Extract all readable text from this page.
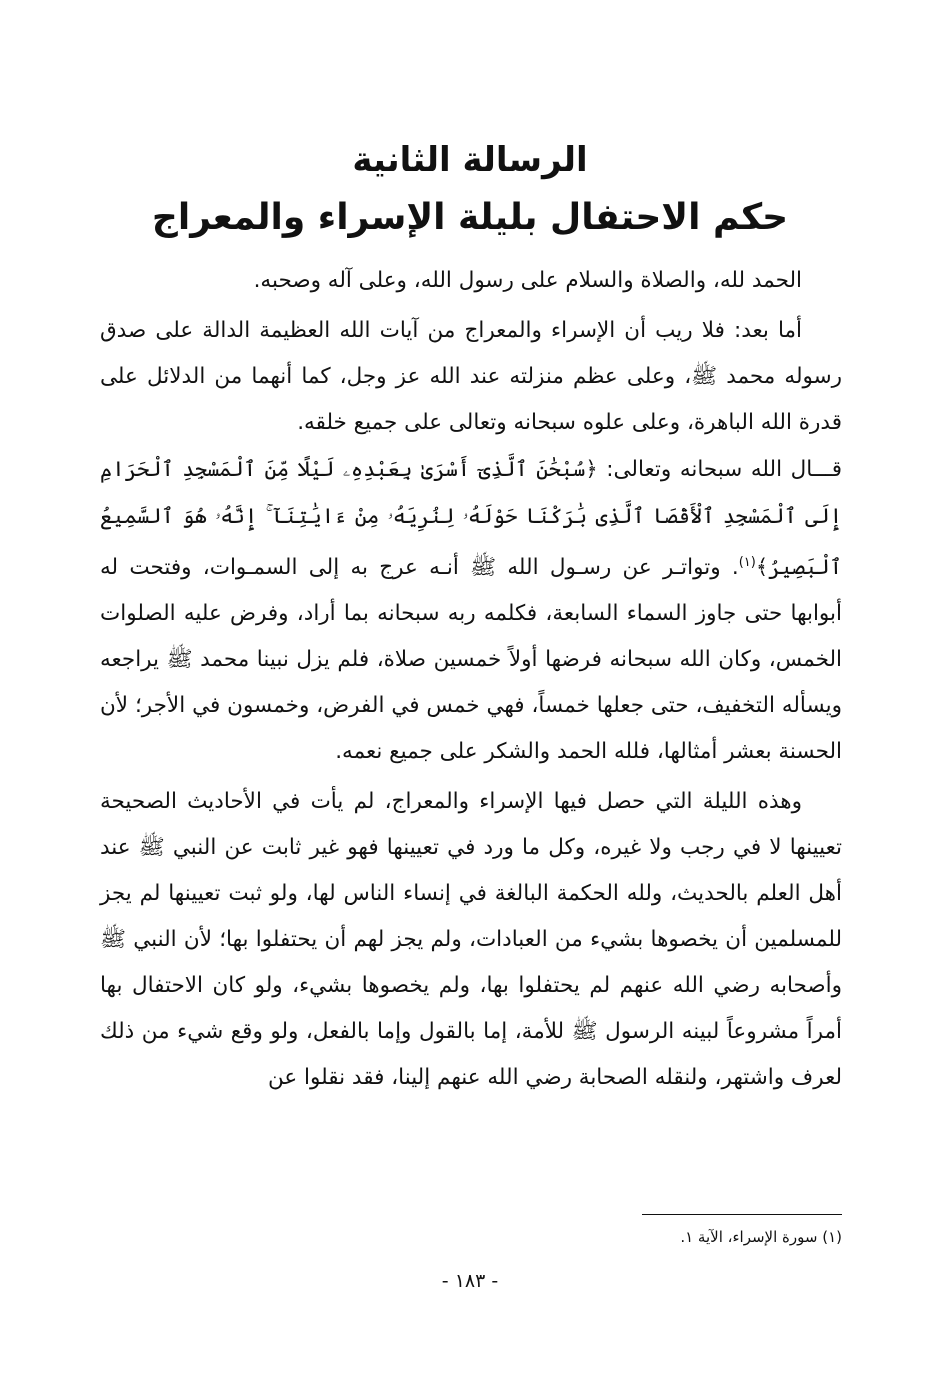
الرسالة الثانية
حكم الاحتفال بليلة الإسراء والمعراج

الحمد لله، والصلاة والسلام على رسول الله، وعلى آله وصحبه.

أما بعد: فلا ريب أن الإسراء والمعراج من آيات الله العظيمة الدالة على صدق رسوله محمد ﷺ، وعلى عظم منزلته عند الله عز وجل، كما أنهما من الدلائل على قدرة الله الباهرة، وعلى علوه سبحانه وتعالى على جميع خلقه.

قـــال الله سبحانه وتعالى: ﴿سُبْحَٰنَ ٱلَّذِىٓ أَسْرَىٰ بِعَبْدِهِۦ لَيْلًا مِّنَ ٱلْمَسْجِدِ ٱلْحَرَامِ إِلَى ٱلْمَسْجِدِ ٱلْأَقْصَا ٱلَّذِى بَٰرَكْنَا حَوْلَهُۥ لِنُرِيَهُۥ مِنْ ءَايَٰتِنَآ ۚ إِنَّهُۥ هُوَ ٱلسَّمِيعُ ٱلْبَصِيرُ﴾$^{(١)}$. وتواتـر عن رسـول الله ﷺ أنـه عرج به إلى السمـوات، وفتحت له أبوابها حتى جاوز السماء السابعة، فكلمه ربه سبحانه بما أراد، وفرض عليه الصلوات الخمس، وكان الله سبحانه فرضها أولاً خمسين صلاة، فلم يزل نبينا محمد ﷺ يراجعه ويسأله التخفيف، حتى جعلها خمساً، فهي خمس في الفرض، وخمسون في الأجر؛ لأن الحسنة بعشر أمثالها، فلله الحمد والشكر على جميع نعمه.

وهذه الليلة التي حصل فيها الإسراء والمعراج، لم يأت في الأحاديث الصحيحة تعيينها لا في رجب ولا غيره، وكل ما ورد في تعيينها فهو غير ثابت عن النبي ﷺ عند أهل العلم بالحديث، ولله الحكمة البالغة في إنساء الناس لها، ولو ثبت تعيينها لم يجز للمسلمين أن يخصوها بشيء من العبادات، ولم يجز لهم أن يحتفلوا بها؛ لأن النبي ﷺ وأصحابه رضي الله عنهم لم يحتفلوا بها، ولم يخصوها بشيء، ولو كان الاحتفال بها أمراً مشروعاً لبينه الرسول ﷺ للأمة، إما بالقول وإما بالفعل، ولو وقع شيء من ذلك لعرف واشتهر، ولنقله الصحابة رضي الله عنهم إلينا، فقد نقلوا عن

(١) سورة الإسراء، الآية ١.
- ١٨٣ -
